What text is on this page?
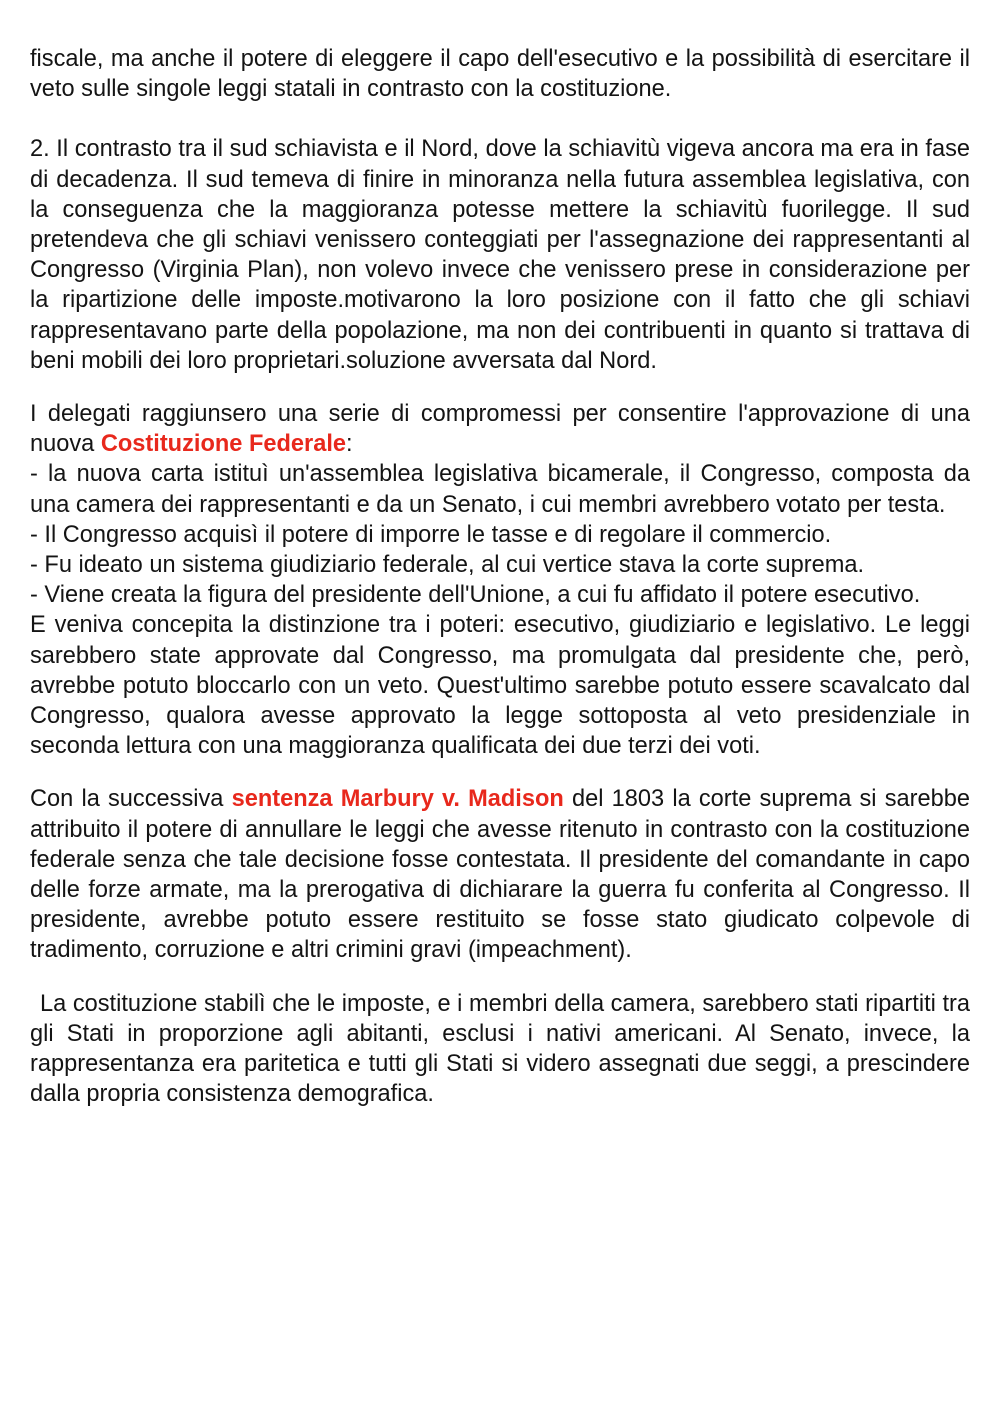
fiscale, ma anche il potere di eleggere il capo dell'esecutivo e la possibilità di esercitare il veto sulle singole leggi statali in contrasto con la costituzione.

2. Il contrasto tra il sud schiavista e il Nord, dove la schiavitù vigeva ancora ma era in fase di decadenza. Il sud temeva di finire in minoranza nella futura assemblea legislativa, con la conseguenza che la maggioranza potesse mettere la schiavitù fuorilegge. Il sud pretendeva che gli schiavi venissero conteggiati per l'assegnazione dei rappresentanti al Congresso (Virginia Plan), non volevo invece che venissero prese in considerazione per la ripartizione delle imposte.motivarono la loro posizione con il fatto che gli schiavi rappresentavano parte della popolazione, ma non dei contribuenti in quanto si trattava di beni mobili dei loro proprietari.soluzione avversata dal Nord.

I delegati raggiunsero una serie di compromessi per consentire l'approvazione di una nuova Costituzione Federale:

- la nuova carta istituì un'assemblea legislativa bicamerale, il Congresso, composta da una camera dei rappresentanti e da un Senato, i cui membri avrebbero votato per testa.

- Il Congresso acquisì il potere di imporre le tasse e di regolare il commercio.

- Fu ideato un sistema giudiziario federale, al cui vertice stava la corte suprema.

- Viene creata la figura del presidente dell'Unione, a cui fu affidato il potere esecutivo.

E veniva concepita la distinzione tra i poteri: esecutivo, giudiziario e legislativo. Le leggi sarebbero state approvate dal Congresso, ma promulgata dal presidente che, però, avrebbe potuto bloccarlo con un veto. Quest'ultimo sarebbe potuto essere scavalcato dal Congresso, qualora avesse approvato la legge sottoposta al veto presidenziale in seconda lettura con una maggioranza qualificata dei due terzi dei voti.

Con la successiva sentenza Marbury v. Madison del 1803 la corte suprema si sarebbe attribuito il potere di annullare le leggi che avesse ritenuto in contrasto con la costituzione federale senza che tale decisione fosse contestata. Il presidente del comandante in capo delle forze armate, ma la prerogativa di dichiarare la guerra fu conferita al Congresso. Il presidente, avrebbe potuto essere restituito se fosse stato giudicato colpevole di tradimento, corruzione e altri crimini gravi (impeachment).

La costituzione stabilì che le imposte, e i membri della camera, sarebbero stati ripartiti tra gli Stati in proporzione agli abitanti, esclusi i nativi americani. Al Senato, invece, la rappresentanza era paritetica e tutti gli Stati si videro assegnati due seggi, a prescindere dalla propria consistenza demografica.
